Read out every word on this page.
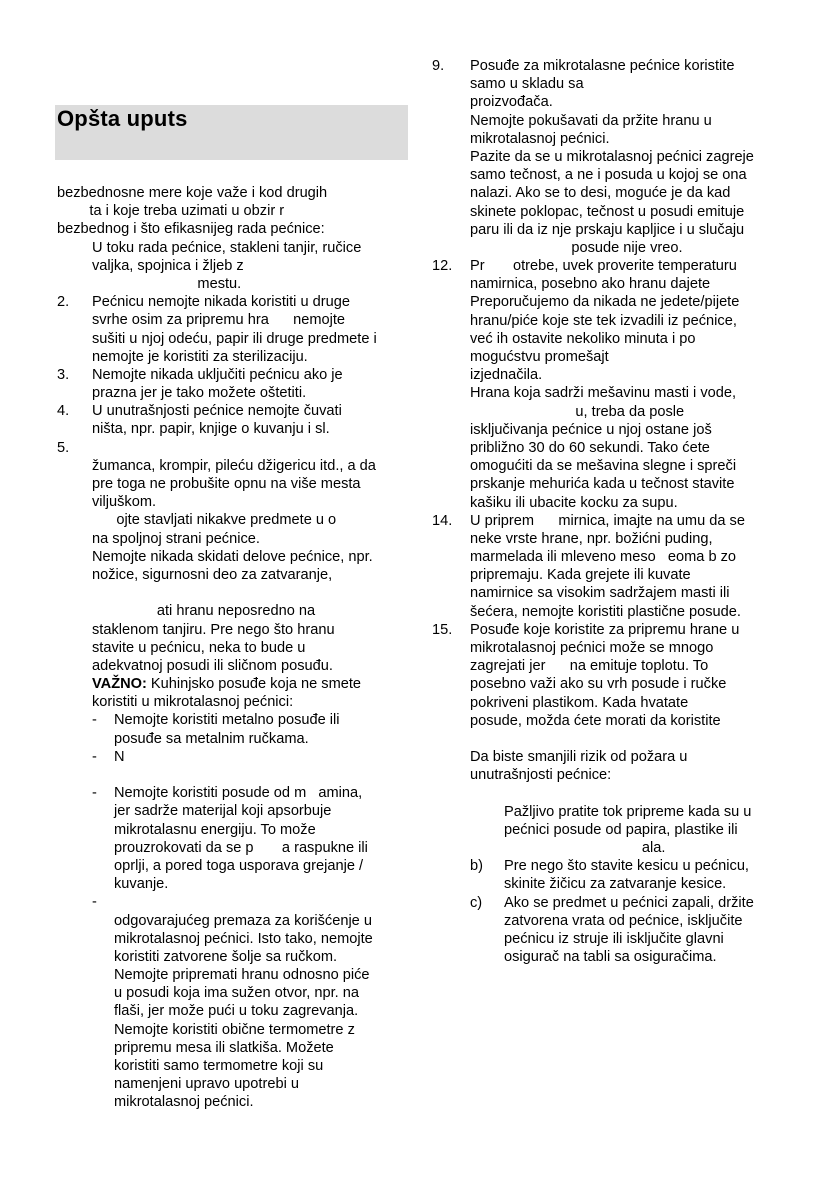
Opšta uputs
bezbednosne mere koje važe i kod drugih
ta i koje treba uzimati u obzir r
bezbednog i što efikasnijeg rada pećnice:
U toku rada pećnice, stakleni tanjir, ručice
valjka, spojnica i žljeb z
mestu.
2.	Pećnicu nemojte nikada koristiti u druge
svrhe osim za pripremu hra      nemojte
sušiti u njoj odeću, papir ili druge predmete i
nemojte je koristiti za sterilizaciju.
3.	Nemojte nikada uključiti pećnicu ako je
prazna jer je tako možete oštetiti.
4.	U unutrašnjosti pećnice nemojte čuvati
ništa, npr. papir, knjige o kuvanju i sl.
5.
žumanca, krompir, pileću džigericu itd., a da
pre toga ne probušite opnu na više mesta
viljuškom.
ojte stavljati nikakve predmete u o
na spoljnoj strani pećnice.
Nemojte nikada skidati delove pećnice, npr.
nožice, sigurnosni deo za zatvaranje,
ati hranu neposredno na
staklenom tanjiru. Pre nego što hranu
stavite u pećnicu, neka to bude u
adekvatnoj posudi ili sličnom posuđu.
VAŽNO: Kuhinjsko posuđe koja ne smete
koristiti u mikrotalasnoj pećnici:
-	Nemojte koristiti metalno posuđe ili
posuđe sa metalnim ručkama.
-	N
-	Nemojte koristiti posude od m   amina,
jer sadrže materijal koji apsorbuje
mikrotalasnu energiju. To može
prouzrokovati da se p       a raspukne ili
oprlji, a pored toga usporava grejanje /
kuvanje.
-
odgovarajućeg premaza za korišćenje u
mikrotalasnoj pećnici. Isto tako, nemojte
koristiti zatvorene šolje sa ručkom.
Nemojte pripremati hranu odnosno piće
u posudi koja ima sužen otvor, npr. na
flaši, jer može pući u toku zagrevanja.
Nemojte koristiti obične termometre z
pripremu mesa ili slatkiša. Možete
koristiti samo termometre koji su
namenjeni upravo upotrebi u
mikrotalasnoj pećnici.
9.	Posuđe za mikrotalasne pećnice koristite
samo u skladu sa
proizvođača.
Nemojte pokušavati da pržite hranu u
mikrotalasnoj pećnici.
Pazite da se u mikrotalasnoj pećnici zagreje
samo tečnost, a ne i posuda u kojoj se ona
nalazi. Ako se to desi, moguće je da kad
skinete poklopac, tečnost u posudi emituje
paru ili da iz nje prskaju kapljice i u slučaju
posude nije vreo.
12.	Pr       otrebe, uvek proverite temperaturu
namirnica, posebno ako hranu dajete
Preporučujemo da nikada ne jedete/pijete
hranu/piće koje ste tek izvadili iz pećnice,
već ih ostavite nekoliko minuta i po
mogućstvu promešajt
izjednačila.
Hrana koja sadrži mešavinu masti i vode,
u, treba da posle
isključivanja pećnice u njoj ostane još
približno 30 do 60 sekundi. Tako ćete
omogućiti da se mešavina slegne i spreči
prskanje mehurića kada u tečnost stavite
kašiku ili ubacite kocku za supu.
14.	U priprem      mirnica, imajte na umu da se
neke vrste hrane, npr. božićni puding,
marmelada ili mleveno meso   eoma b zo
pripremaju. Kada grejete ili kuvate
namirnice sa visokim sadržajem masti ili
šećera, nemojte koristiti plastične posude.
15.	Posuđe koje koristite za pripremu hrane u
mikrotalasnoj pećnici može se mnogo
zagrejati jer      na emituje toplotu. To
posebno važi ako su vrh posude i ručke
pokriveni plastikom. Kada hvatate
posude, možda ćete morati da koristite
Da biste smanjili rizik od požara u
unutrašnjosti pećnice:
Pažljivo pratite tok pripreme kada su u
pećnici posude od papira, plastike ili
ala.
b)	Pre nego što stavite kesicu u pećnicu,
skinite žičicu za zatvaranje kesice.
c)	Ako se predmet u pećnici zapali, držite
zatvorena vrata od pećnice, isključite
pećnicu iz struje ili isključite glavni
osigurač na tabli sa osiguračima.
